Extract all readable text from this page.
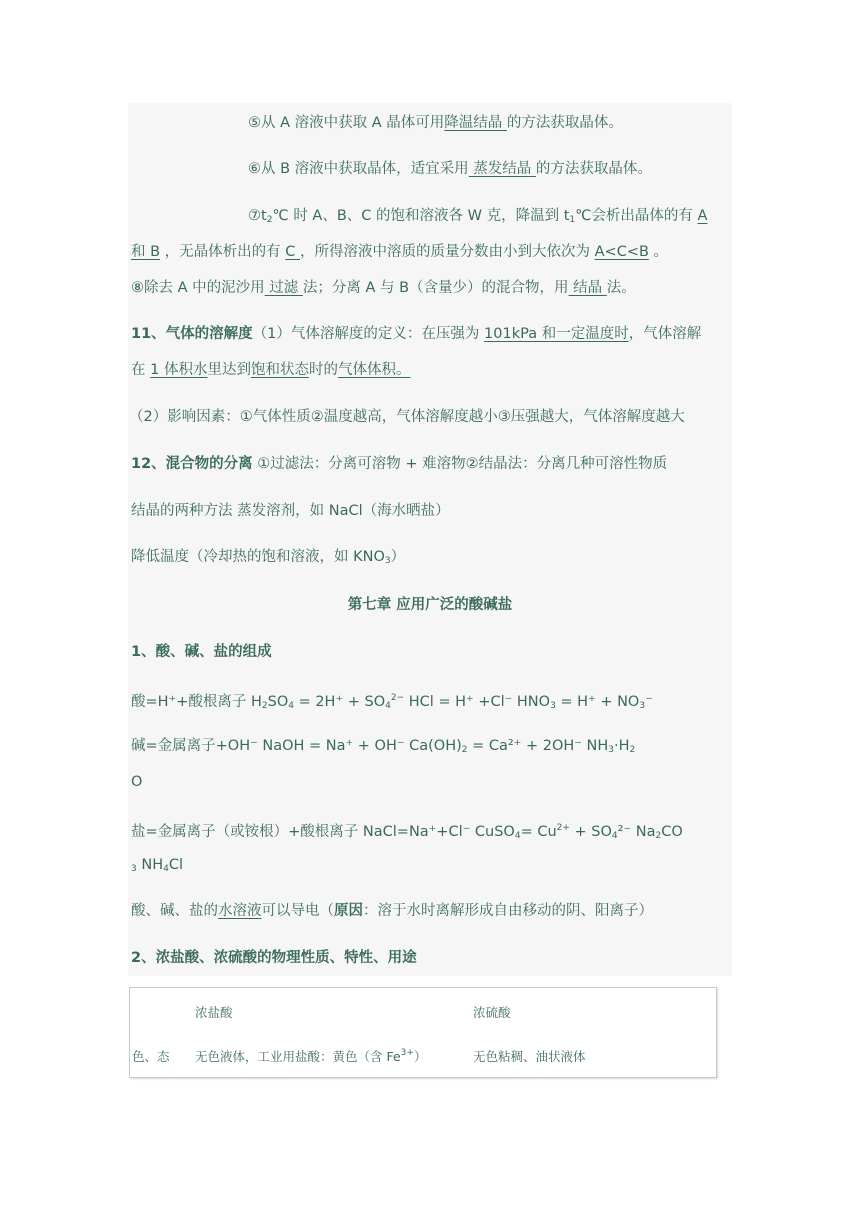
⑤从 A 溶液中获取 A 晶体可用降温结晶 的方法获取晶体。
⑥从 B 溶液中获取晶体，适宜采用 蒸发结晶 的方法获取晶体。
$⑦t_2℃$ 时 A、B、C 的饱和溶液各 W 克，降温到 $t_1℃$会析出晶体的有 A
和 B ，无晶体析出的有 C ，所得溶液中溶质的质量分数由小到大依次为 A<C<B 。
⑧除去 A 中的泥沙用 过滤 法；分离 A 与 B（含量少）的混合物，用 结晶 法。
11、气体的溶解度（1）气体溶解度的定义：在压强为 101kPa 和一定温度时，气体溶解
在 1 体积水里达到饱和状态时的气体体积。
（2）影响因素：①气体性质②温度越高，气体溶解度越小③压强越大，气体溶解度越大
12、混合物的分离 ①过滤法：分离可溶物 + 难溶物②结晶法：分离几种可溶性物质
结晶的两种方法 蒸发溶剂，如 NaCl（海水晒盐）
降低温度（冷却热的饱和溶液，如 $KNO_3$）
第七章 应用广泛的酸碱盐
1、酸、碱、盐的组成
酸=H⁺+酸根离子 $H_2SO_4 = 2H^+ + SO_4^{2-}$ HCl = H⁺ +Cl⁻ $HNO_3 = H^+ + NO_3^-$
碱=金属离子+OH⁻ NaOH = Na⁺ + OH⁻ $Ca(OH)_2 = Ca^{2+} + 2OH^-$ $NH_3\cdot H_2$
O
盐=金属离子（或铵根）+酸根离子 NaCl=Na⁺+Cl⁻ CuSO$_4$= $Cu^{2+} + SO_4^{2-}$ $Na_2CO$
$_3$ $NH_4Cl$
酸、碱、盐的水溶液可以导电（原因：溶于水时离解形成自由移动的阴、阳离子）
2、浓盐酸、浓硫酸的物理性质、特性、用途
浓盐酸	浓硫酸
色、态 无色液体，工业用盐酸：黄色（含 $Fe^{3+}$）	无色粘稠、油状液体
